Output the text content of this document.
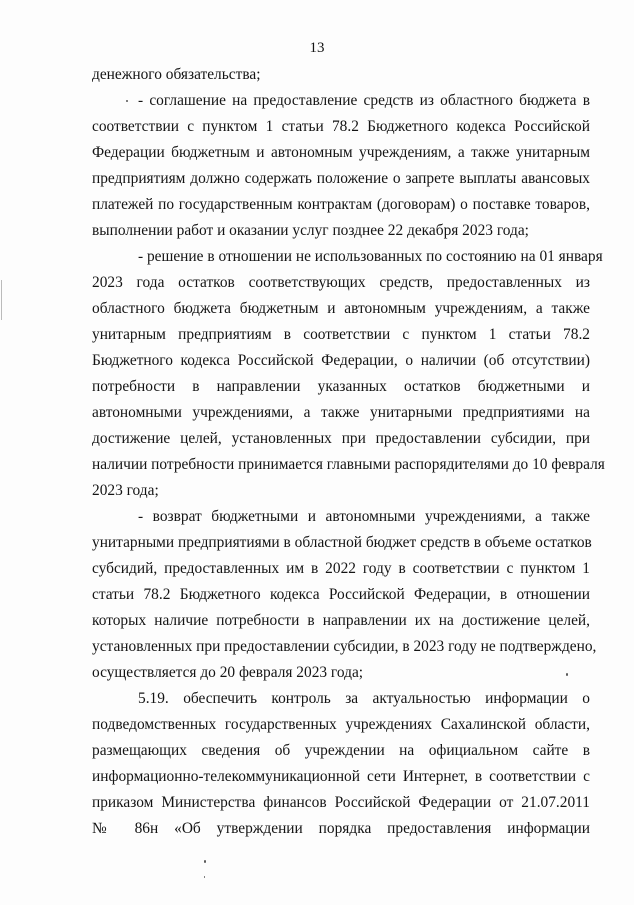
13
денежного обязательства;
- соглашение на предоставление средств из областного бюджета в
соответствии с пунктом 1 статьи 78.2 Бюджетного кодекса Российской
Федерации бюджетным и автономным учреждениям, а также унитарным
предприятиям должно содержать положение о запрете выплаты авансовых
платежей по государственным контрактам (договорам) о поставке товаров,
выполнении работ и оказании услуг позднее 22 декабря 2023 года;
- решение в отношении не использованных по состоянию на 01 января
2023 года остатков соответствующих средств, предоставленных из
областного бюджета бюджетным и автономным учреждениям, а также
унитарным предприятиям в соответствии с пунктом 1 статьи 78.2
Бюджетного кодекса Российской Федерации, о наличии (об отсутствии)
потребности в направлении указанных остатков бюджетными и
автономными учреждениями, а также унитарными предприятиями на
достижение целей, установленных при предоставлении субсидии, при
наличии потребности принимается главными распорядителями до 10 февраля
2023 года;
- возврат бюджетными и автономными учреждениями, а также
унитарными предприятиями в областной бюджет средств в объеме остатков
субсидий, предоставленных им в 2022 году в соответствии с пунктом 1
статьи 78.2 Бюджетного кодекса Российской Федерации, в отношении
которых наличие потребности в направлении их на достижение целей,
установленных при предоставлении субсидии, в 2023 году не подтверждено,
осуществляется до 20 февраля 2023 года;
5.19. обеспечить контроль за актуальностью информации о
подведомственных государственных учреждениях Сахалинской области,
размещающих сведения об учреждении на официальном сайте в
информационно-телекоммуникационной сети Интернет, в соответствии с
приказом Министерства финансов Российской Федерации от 21.07.2011
№ 86н «Об утверждении порядка предоставления информации
